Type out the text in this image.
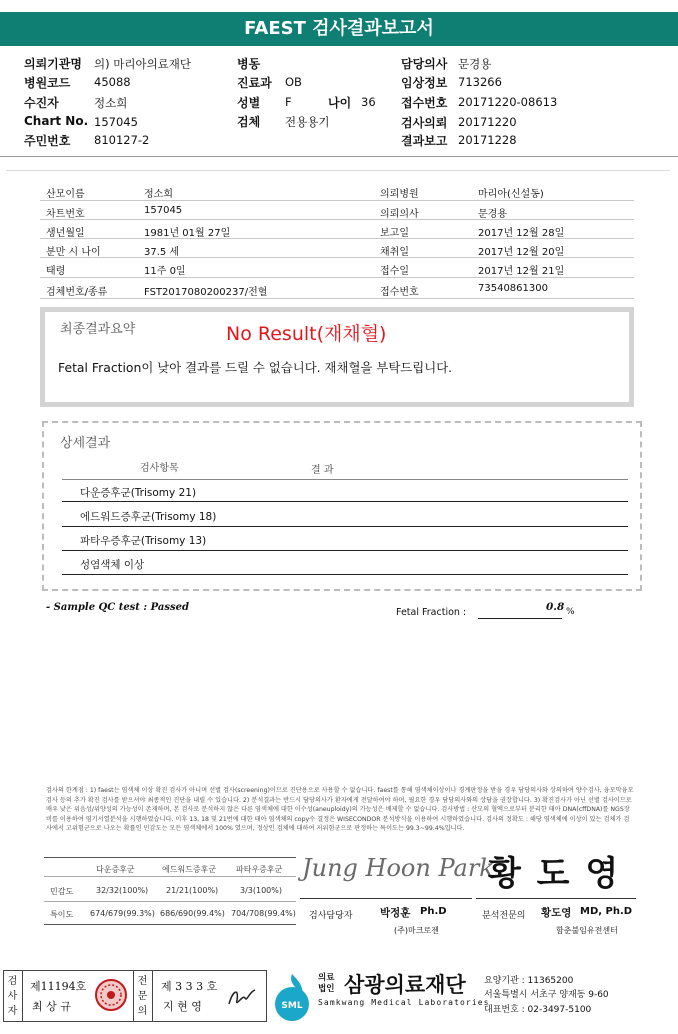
FAEST 검사결과보고서
의뢰기관명 의) 마리아의료재단
병원코드 45088
수진자	정소희
Chart No. 157045
주민번호 810127-2
병동
진료과 OB
성별 F	나이 36
검체 전용용기
담당의사 문경용
임상정보 713266
접수번호 20171220-08613
검사의뢰 20171220
결과보고 20171228
산모이름	정소희	의뢰병원	마리아(신설동)
차트번호	157045	의뢰의사	문경용
생년월일	1981년 01월 27일	보고일	2017년 12월 28일
분만 시 나이	37.5 세	채취일	2017년 12월 20일
태령	11주 0일	접수일	2017년 12월 21일
검체번호/종류	FST2017080200237/전혈	접수번호	73540861300
최종결과요약	No Result(재채혈)
Fetal Fraction이 낮아 결과를 드릴 수 없습니다. 재채혈을 부탁드립니다.
상세결과
검사항목	결 과
다운증후군(Trisomy 21)
에드워드증후군(Trisomy 18)
파타우증후군(Trisomy 13)
성염색체 이상
- Sample QC test : Passed	Fetal Fraction :	0.8 %
검사의 한계점 : 1) faest는 염색체 이상 확진 검사가 아니며 선별 검사(screening)이므로 진단용으로 사용할 수 없습니다. faest를 통해 염색체이상이나 경계판정을 받을 경우 담당의사와 상의하여 양수검사, 융모막융모 검사 등의 추가 확진 검사를 받으셔야 최종적인 진단을 내릴 수 있습니다. 2) 분석결과는 반드시 담당의사가 환자에게 전달하여야 하며, 필요한 경우 담당의사와의 상담을 권장합니다. 3) 확진검사가 아닌 선별 검사이므로 매우 낮은 위음성/위양성의 가능성이 존재하며, 본 검사로 분석하지 않은 다른 염색체에 대한 이수성(aneuploidy)의 가능성은 배제할 수 없습니다. 검사방법 : 산모의 혈액으로부터 분리한 태아 DNA(cffDNA)를 NGS장비를 이용하여 염기서열분석을 시행하였습니다. 이후 13, 18 및 21번에 대한 태아 염색체의 copy수 결정은 WISECONDOR 분석방식을 이용하여 시행하였습니다. 검사의 정확도 : 해당 염색체에 이상이 있는 검체가 검사에서 고위험군으로 나오는 확률인 민감도는 모든 염색체에서 100% 였으며, 정상인 검체에 대하여 저위험군으로 판정하는 특이도는 99.3~99.4%입니다.
다운증후군	에드워드증후군 파타우증후군
민감도	32/32(100%) 21/21(100%)	3/3(100%)
특이도 674/679(99.3%) 686/690(99.4%) 704/708(99.4%)
Jung Hoon Park
황 도 영
검사담당자	박정훈 Ph.D
(주)마크로젠
분석전문의 황도영 MD, Ph.D
함춘불임유전센터
검사자
제11194호
최 상 규
전문의
제 3 3 3 호
지 현 영	SML
의료법인 삼광의료재단
Samkwang Medical Laboratories
요양기관 : 11365200
서울특별시 서초구 양재동 9-60
대표번호 : 02-3497-5100
